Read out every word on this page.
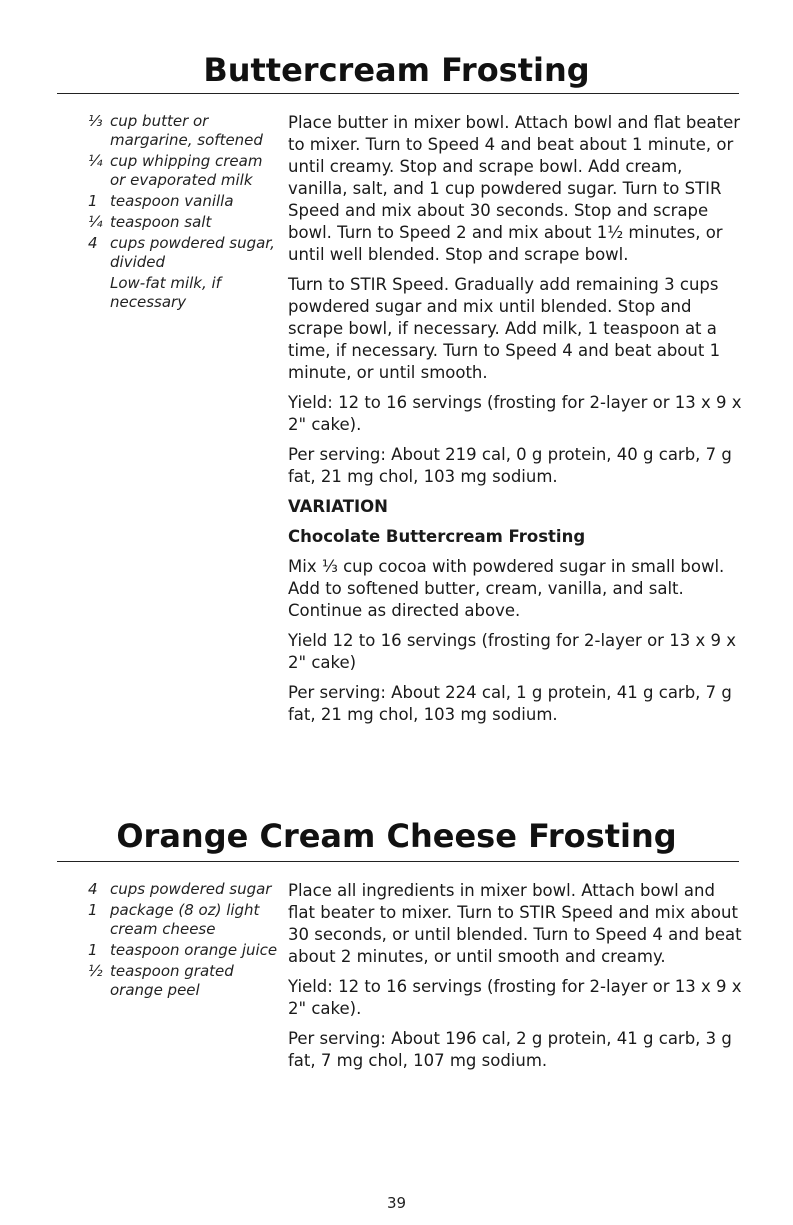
Buttercream Frosting
⅓ cup butter or margarine, softened
¼ cup whipping cream or evaporated milk
1 teaspoon vanilla
¼ teaspoon salt
4 cups powdered sugar, divided
Low-fat milk, if necessary

Place butter in mixer bowl. Attach bowl and flat beater to mixer. Turn to Speed 4 and beat about 1 minute, or until creamy. Stop and scrape bowl. Add cream, vanilla, salt, and 1 cup powdered sugar. Turn to STIR Speed and mix about 30 seconds. Stop and scrape bowl. Turn to Speed 2 and mix about 1½ minutes, or until well blended. Stop and scrape bowl.

Turn to STIR Speed. Gradually add remaining 3 cups powdered sugar and mix until blended. Stop and scrape bowl, if necessary. Add milk, 1 teaspoon at a time, if necessary. Turn to Speed 4 and beat about 1 minute, or until smooth.

Yield: 12 to 16 servings (frosting for 2-layer or 13 x 9 x 2" cake).

Per serving: About 219 cal, 0 g protein, 40 g carb, 7 g fat, 21 mg chol, 103 mg sodium.

VARIATION
Chocolate Buttercream Frosting

Mix ⅓ cup cocoa with powdered sugar in small bowl. Add to softened butter, cream, vanilla, and salt. Continue as directed above.

Yield 12 to 16 servings (frosting for 2-layer or 13 x 9 x 2" cake)

Per serving: About 224 cal, 1 g protein, 41 g carb, 7 g fat, 21 mg chol, 103 mg sodium.

Orange Cream Cheese Frosting
4 cups powdered sugar
1 package (8 oz) light cream cheese
1 teaspoon orange juice
½ teaspoon grated orange peel

Place all ingredients in mixer bowl. Attach bowl and flat beater to mixer. Turn to STIR Speed and mix about 30 seconds, or until blended. Turn to Speed 4 and beat about 2 minutes, or until smooth and creamy.

Yield: 12 to 16 servings (frosting for 2-layer or 13 x 9 x 2" cake).

Per serving: About 196 cal, 2 g protein, 41 g carb, 3 g fat, 7 mg chol, 107 mg sodium.

39
